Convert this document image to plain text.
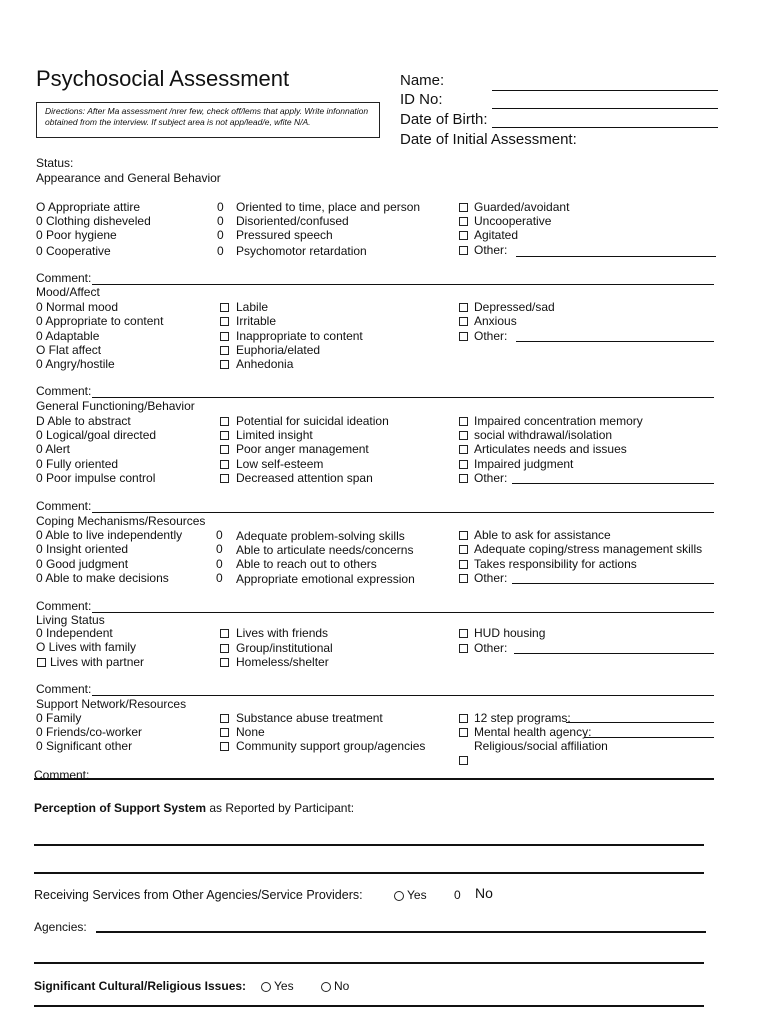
Psychosocial Assessment
Directions: After Ma assessment /nrer few, check off/lems that apply. Write infonnation obtained from the interview. If subject area is not app/lead/e, wfite N/A.
Name:
ID No:
Date of Birth:
Date of Initial Assessment:
Status:
Appearance and General Behavior
O Appropriate attire
0 Clothing disheveled
0 Poor hygiene
0 Cooperative
0
0
0
0
Oriented to time, place and person
Disoriented/confused
Pressured speech
Psychomotor retardation
Guarded/avoidant
Uncooperative
Agitated
Other:
Comment:
Mood/Affect
0 Normal mood
0 Appropriate to content
0 Adaptable
O Flat affect
0 Angry/hostile
Labile
Irritable
Inappropriate to content
Euphoria/elated
Anhedonia
Depressed/sad
Anxious
Other:
Comment:
General Functioning/Behavior
D Able to abstract
0 Logical/goal directed
0 Alert
0 Fully oriented
0 Poor impulse control
Potential for suicidal ideation
Limited insight
Poor anger management
Low self-esteem
Decreased attention span
Impaired concentration memory
social withdrawal/isolation
Articulates needs and issues
Impaired judgment
Other:
Comment:
Coping Mechanisms/Resources
0 Able to live independently
0 Insight oriented
0 Good judgment
0 Able to make decisions
0
0
0
0
Adequate problem-solving skills
Able to articulate needs/concerns
Able to reach out to others
Appropriate emotional expression
Able to ask for assistance
Adequate coping/stress management skills
Takes responsibility for actions
Other:
Comment:
Living Status
0 Independent
O Lives with family
Lives with partner
Lives with friends
Group/institutional
Homeless/shelter
HUD housing
Other:
Comment:
Support Network/Resources
0 Family
0 Friends/co-worker
0 Significant other
Substance abuse treatment
None
Community support group/agencies
12 step programs:
Mental health agency:
Religious/social affiliation
Comment:
Perception of Support System as Reported by Participant:
Receiving Services from Other Agencies/Service Providers:	Yes 0 No
Agencies:
Significant Cultural/Religious Issues:	Yes	No
